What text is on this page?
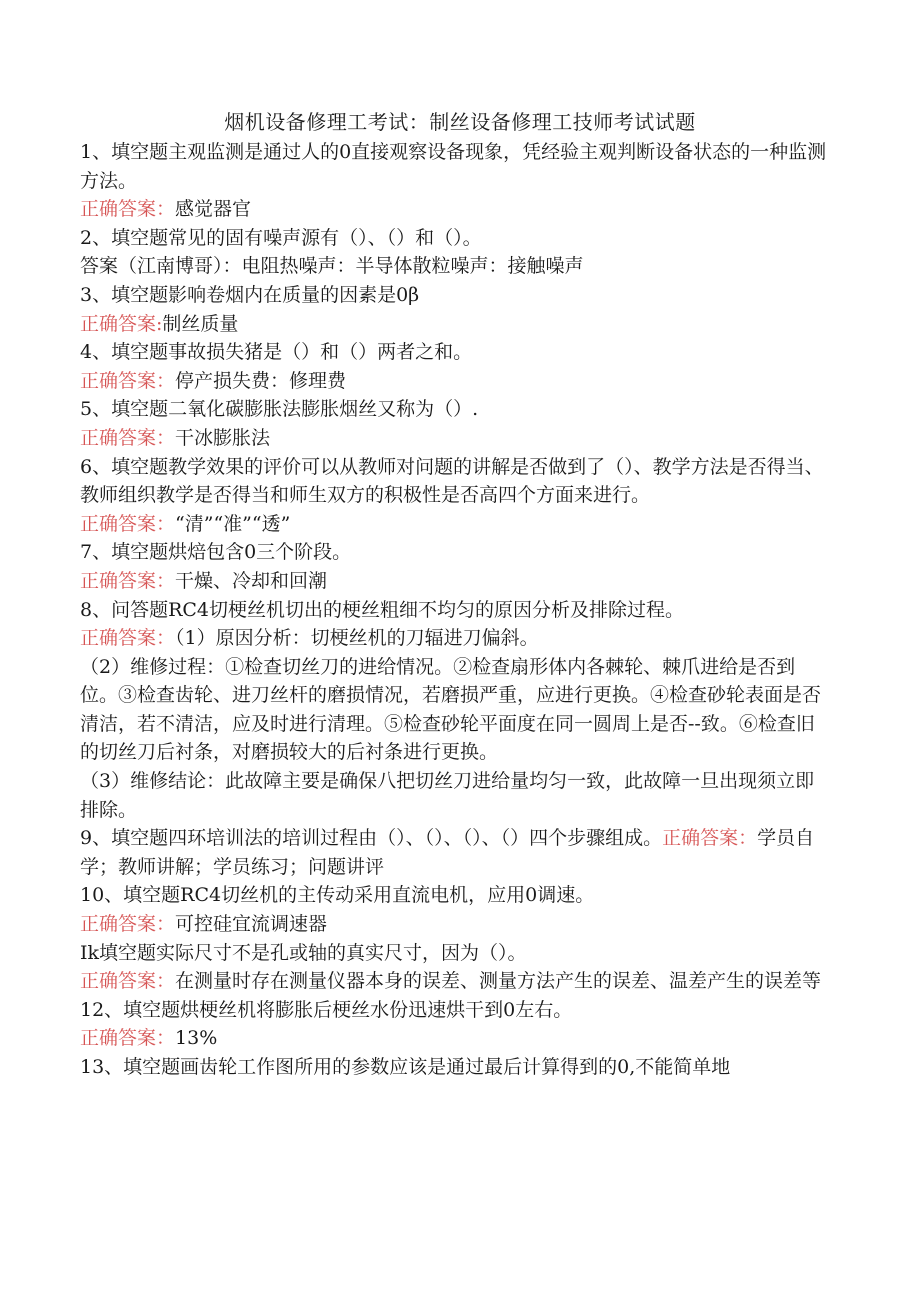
烟机设备修理工考试：制丝设备修理工技师考试试题

1、填空题主观监测是通过人的0直接观察设备现象，凭经验主观判断设备状态的一种监测方法。

正确答案：感觉器官

2、填空题常见的固有噪声源有（）、（）和（）。

答案（江南博哥）：电阻热噪声：半导体散粒噪声：接触噪声

3、填空题影响卷烟内在质量的因素是0β

正确答案:制丝质量

4、填空题事故损失猪是（）和（）两者之和。

正确答案：停产损失费：修理费

5、填空题二氧化碳膨胀法膨胀烟丝又称为（）.

正确答案：干冰膨胀法

6、填空题教学效果的评价可以从教师对问题的讲解是否做到了（）、教学方法是否得当、教师组织教学是否得当和师生双方的积极性是否高四个方面来进行。

正确答案：“清”“准”“透”

7、填空题烘焙包含0三个阶段。

正确答案：干燥、冷却和回潮

8、问答题RC4切梗丝机切出的梗丝粗细不均匀的原因分析及排除过程。

正确答案：（1）原因分析：切梗丝机的刀辐进刀偏斜。

（2）维修过程：①检查切丝刀的进给情况。②检查扇形体内各棘轮、棘爪进给是否到位。③检查齿轮、进刀丝杆的磨损情况，若磨损严重，应进行更换。④检查砂轮表面是否清洁，若不清洁，应及时进行清理。⑤检查砂轮平面度在同一圆周上是否--致。⑥检查旧的切丝刀后衬条，对磨损较大的后衬条进行更换。

（3）维修结论：此故障主要是确保八把切丝刀进给量均匀一致，此故障一旦出现须立即排除。

9、填空题四环培训法的培训过程由（）、（）、（）、（）四个步骤组成。正确答案：学员自学；教师讲解；学员练习；问题讲评

10、填空题RC4切丝机的主传动采用直流电机，应用0调速。

正确答案：可控硅宜流调速器

Ik填空题实际尺寸不是孔或轴的真实尺寸，因为（）。

正确答案：在测量时存在测量仪器本身的误差、测量方法产生的误差、温差产生的误差等

12、填空题烘梗丝机将膨胀后梗丝水份迅速烘干到0左右。

正确答案：13%

13、填空题画齿轮工作图所用的参数应该是通过最后计算得到的0,不能简单地
